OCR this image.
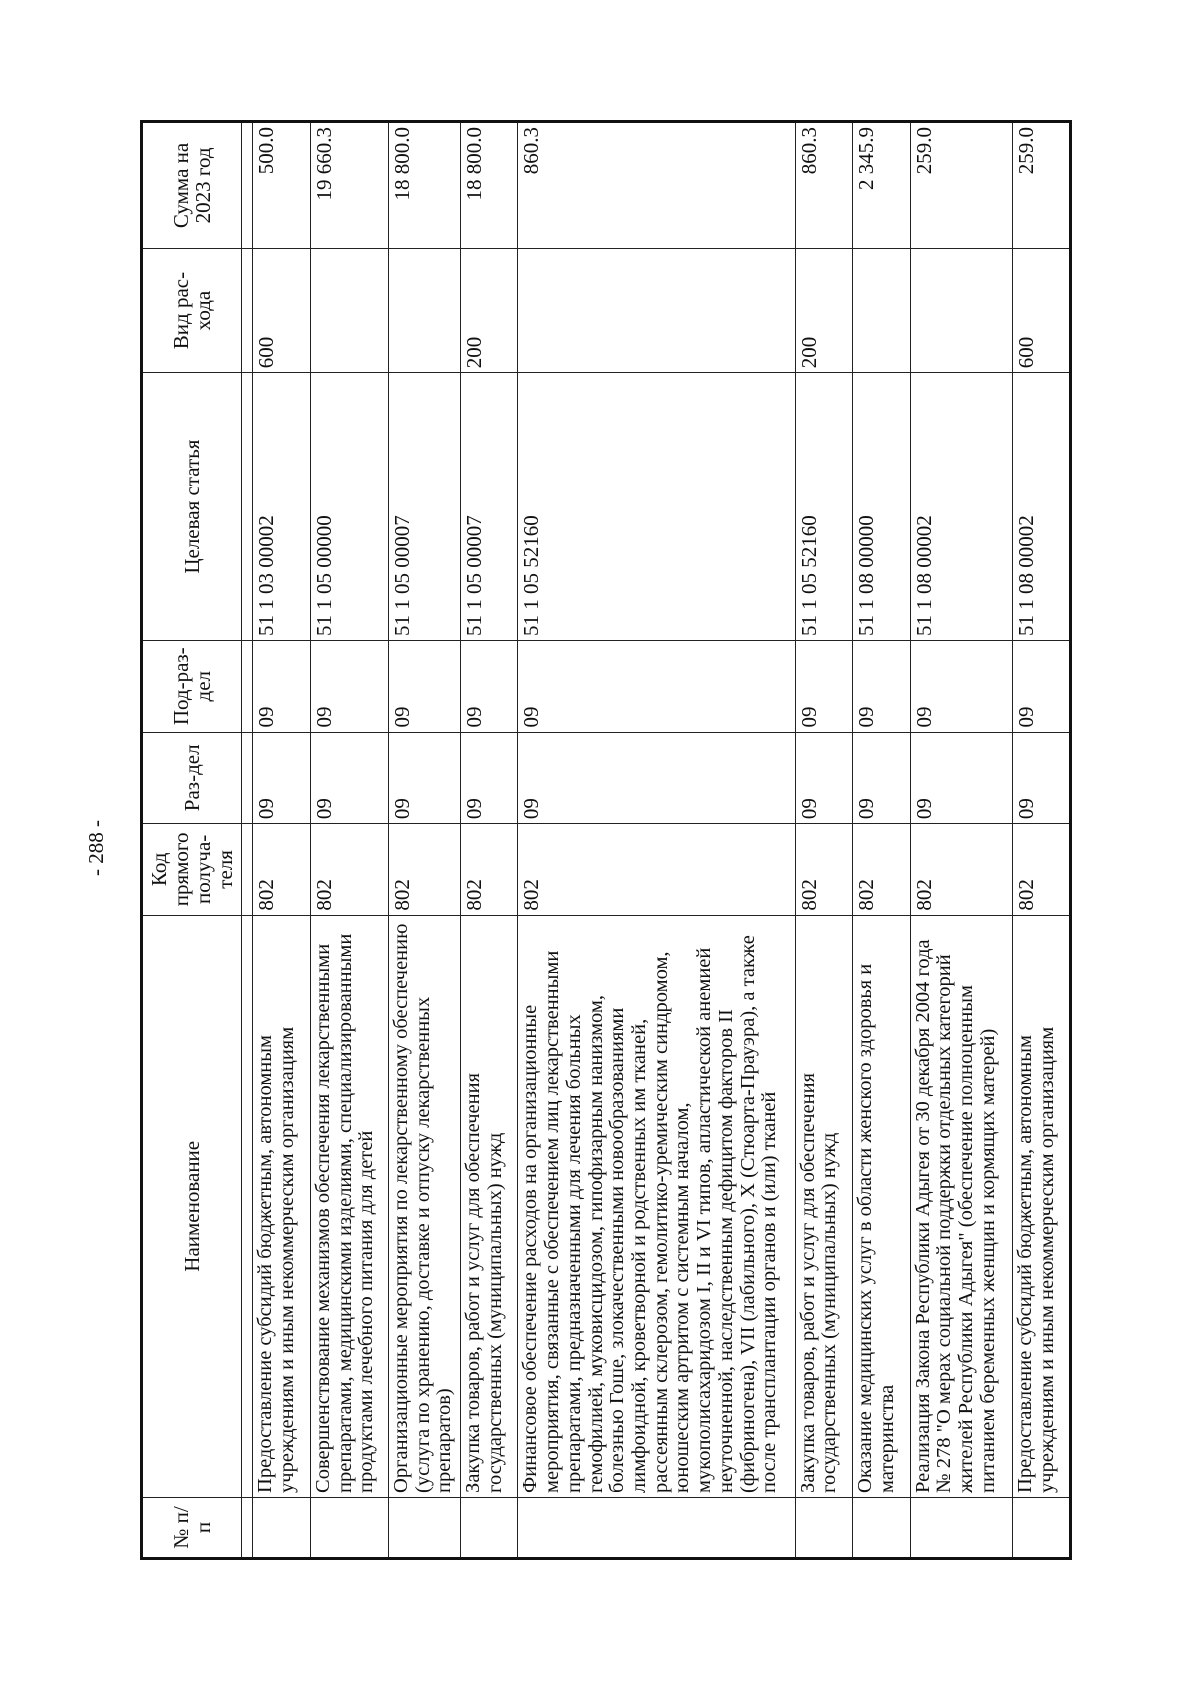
- 288 -
№ п/п	Наименование	Код прямого получа-теля	Раз-дел	Под-раз-дел	Целевая статья	Вид рас-хода	Сумма на 2023 год

	Предоставление субсидий бюджетным, автономным учреждениям и иным некоммерческим организациям	802	09	09	51 1 03 00002	600	500.0
	Совершенствование механизмов обеспечения лекарственными препаратами, медицинскими изделиями, специализированными продуктами лечебного питания для детей	802	09	09	51 1 05 00000		19 660.3
	Организационные мероприятия по лекарственному обеспечению (услуга по хранению, доставке и отпуску лекарственных препаратов)	802	09	09	51 1 05 00007		18 800.0
	Закупка товаров, работ и услуг для обеспечения государственных (муниципальных) нужд	802	09	09	51 1 05 00007	200	18 800.0
	Финансовое обеспечение расходов на организационные мероприятия, связанные с обеспечением лиц лекарственными препаратами, предназначенными для лечения больных гемофилией, муковисцидозом, гипофизарным нанизмом, болезнью Гоше, злокачественными новообразованиями лимфоидной, кроветворной и родственных им тканей, рассеянным склерозом, гемолитико-уремическим синдромом, юношеским артритом с системным началом, мукополисахаридозом I, II и VI типов, апластической анемией неуточненной, наследственным дефицитом факторов II (фибриногена), VII (лабильного), X (Стюарта-Прауэра), а также после трансплантации органов и (или) тканей	802	09	09	51 1 05 52160		860.3
	Закупка товаров, работ и услуг для обеспечения государственных (муниципальных) нужд	802	09	09	51 1 05 52160	200	860.3
	Оказание медицинских услуг в области женского здоровья и материнства	802	09	09	51 1 08 00000		2 345.9
	Реализация Закона Республики Адыгея от 30 декабря 2004 года № 278 "О мерах социальной поддержки отдельных категорий жителей Республики Адыгея" (обеспечение полноценным питанием беременных женщин и кормящих матерей)	802	09	09	51 1 08 00002		259.0
	Предоставление субсидий бюджетным, автономным учреждениям и иным некоммерческим организациям	802	09	09	51 1 08 00002	600	259.0
